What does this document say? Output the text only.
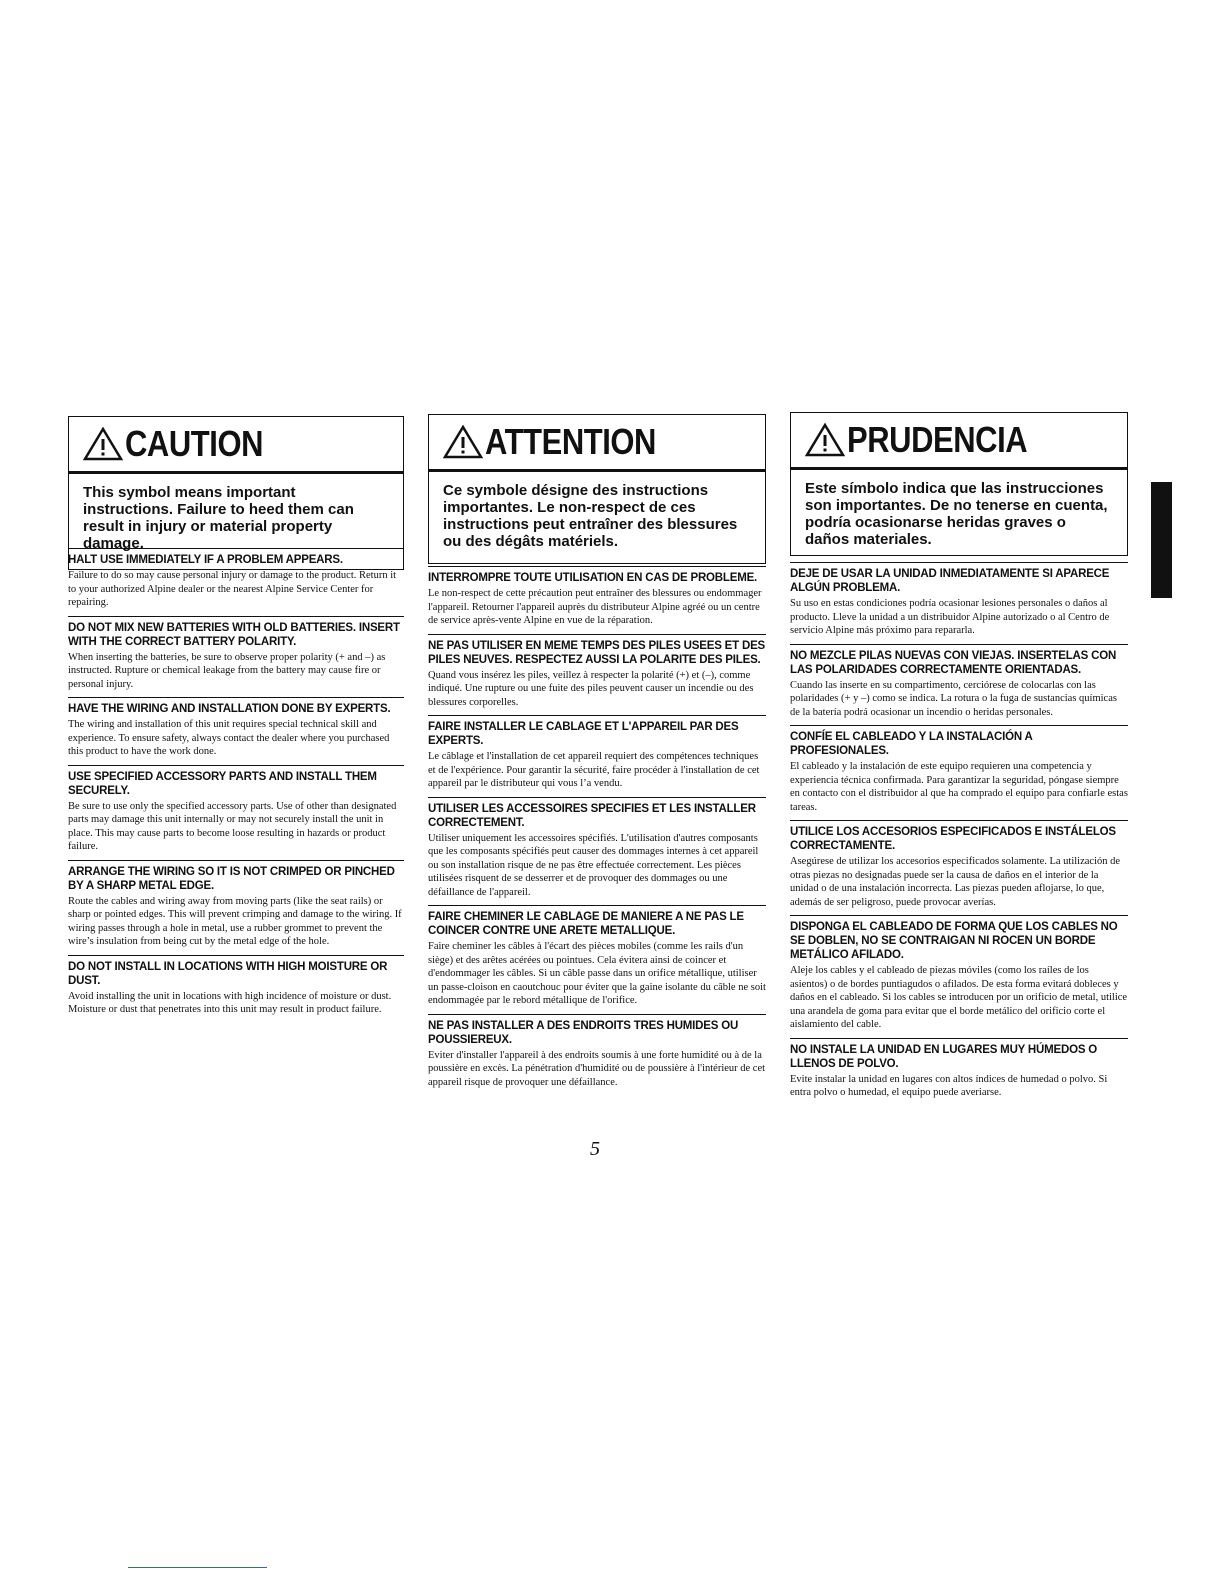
CAUTION
This symbol means important instructions. Failure to heed them can result in injury or material property damage.
HALT USE IMMEDIATELY IF A PROBLEM APPEARS.
Failure to do so may cause personal injury or damage to the product. Return it to your authorized Alpine dealer or the nearest Alpine Service Center for repairing.
DO NOT MIX NEW BATTERIES WITH OLD BATTERIES. INSERT WITH THE CORRECT BATTERY POLARITY.
When inserting the batteries, be sure to observe proper polarity (+ and –) as instructed. Rupture or chemical leakage from the battery may cause fire or personal injury.
HAVE THE WIRING AND INSTALLATION DONE BY EXPERTS.
The wiring and installation of this unit requires special technical skill and experience. To ensure safety, always contact the dealer where you purchased this product to have the work done.
USE SPECIFIED ACCESSORY PARTS AND INSTALL THEM SECURELY.
Be sure to use only the specified accessory parts. Use of other than designated parts may damage this unit internally or may not securely install the unit in place. This may cause parts to become loose resulting in hazards or product failure.
ARRANGE THE WIRING SO IT IS NOT CRIMPED OR PINCHED BY A SHARP METAL EDGE.
Route the cables and wiring away from moving parts (like the seat rails) or sharp or pointed edges. This will prevent crimping and damage to the wiring. If wiring passes through a hole in metal, use a rubber grommet to prevent the wire’s insulation from being cut by the metal edge of the hole.
DO NOT INSTALL IN LOCATIONS WITH HIGH MOISTURE OR DUST.
Avoid installing the unit in locations with high incidence of moisture or dust. Moisture or dust that penetrates into this unit may result in product failure.
ATTENTION
Ce symbole désigne des instructions importantes. Le non-respect de ces instructions peut entraîner des blessures ou des dégâts matériels.
INTERROMPRE TOUTE UTILISATION EN CAS DE PROBLEME.
Le non-respect de cette précaution peut entraîner des blessures ou endommager l'appareil. Retourner l'appareil auprès du distributeur Alpine agréé ou un centre de service après-vente Alpine en vue de la réparation.
NE PAS UTILISER EN MEME TEMPS DES PILES USEES ET DES PILES NEUVES. RESPECTEZ AUSSI LA POLARITE DES PILES.
Quand vous insérez les piles, veillez à respecter la polarité (+) et (–), comme indiqué. Une rupture ou une fuite des piles peuvent causer un incendie ou des blessures corporelles.
FAIRE INSTALLER LE CABLAGE ET L'APPAREIL PAR DES EXPERTS.
Le câblage et l'installation de cet appareil requiert des compétences techniques et de l'expérience. Pour garantir la sécurité, faire procéder à l'installation de cet appareil par le distributeur qui vous l’a vendu.
UTILISER LES ACCESSOIRES SPECIFIES ET LES INSTALLER CORRECTEMENT.
Utiliser uniquement les accessoires spécifiés. L'utilisation d'autres composants que les composants spécifiés peut causer des dommages internes à cet appareil ou son installation risque de ne pas être effectuée correctement. Les pièces utilisées risquent de se desserrer et de provoquer des dommages ou une défaillance de l'appareil.
FAIRE CHEMINER LE CABLAGE DE MANIERE A NE PAS LE COINCER CONTRE UNE ARETE METALLIQUE.
Faire cheminer les câbles à l'écart des pièces mobiles (comme les rails d'un siège) et des arêtes acérées ou pointues. Cela évitera ainsi de coincer et d'endommager les câbles. Si un câble passe dans un orifice métallique, utiliser un passe-cloison en caoutchouc pour éviter que la gaine isolante du câble ne soit endommagée par le rebord métallique de l'orifice.
NE PAS INSTALLER A DES ENDROITS TRES HUMIDES OU POUSSIEREUX.
Eviter d'installer l'appareil à des endroits soumis à une forte humidité ou à de la poussière en excès. La pénétration d'humidité ou de poussière à l'intérieur de cet appareil risque de provoquer une défaillance.
PRUDENCIA
Este símbolo indica que las instrucciones son importantes. De no tenerse en cuenta, podría ocasionarse heridas graves o daños materiales.
DEJE DE USAR LA UNIDAD INMEDIATAMENTE SI APARECE ALGÚN PROBLEMA.
Su uso en estas condiciones podría ocasionar lesiones personales o daños al producto. Lleve la unidad a un distribuidor Alpine autorizado o al Centro de servicio Alpine más próximo para repararla.
NO MEZCLE PILAS NUEVAS CON VIEJAS. INSERTELAS CON LAS POLARIDADES CORRECTAMENTE ORIENTADAS.
Cuando las inserte en su compartimento, cerciórese de colocarlas con las polaridades (+ y –) como se indica. La rotura o la fuga de sustancias químicas de la batería podrá ocasionar un incendio o heridas personales.
CONFÍE EL CABLEADO Y LA INSTALACIÓN A PROFESIONALES.
El cableado y la instalación de este equipo requieren una competencia y experiencia técnica confirmada. Para garantizar la seguridad, póngase siempre en contacto con el distribuidor al que ha comprado el equipo para confiarle estas tareas.
UTILICE LOS ACCESORIOS ESPECIFICADOS E INSTÁLELOS CORRECTAMENTE.
Asegúrese de utilizar los accesorios especificados solamente. La utilización de otras piezas no designadas puede ser la causa de daños en el interior de la unidad o de una instalación incorrecta. Las piezas pueden aflojarse, lo que, además de ser peligroso, puede provocar averías.
DISPONGA EL CABLEADO DE FORMA QUE LOS CABLES NO SE DOBLEN, NO SE CONTRAIGAN NI ROCEN UN BORDE METÁLICO AFILADO.
Aleje los cables y el cableado de piezas móviles (como los raíles de los asientos) o de bordes puntiagudos o afilados. De esta forma evitará dobleces y daños en el cableado. Si los cables se introducen por un orificio de metal, utilice una arandela de goma para evitar que el borde metálico del orificio corte el aislamiento del cable.
NO INSTALE LA UNIDAD EN LUGARES MUY HÚMEDOS O LLENOS DE POLVO.
Evite instalar la unidad en lugares con altos índices de humedad o polvo. Si entra polvo o humedad, el equipo puede averiarse.
5
